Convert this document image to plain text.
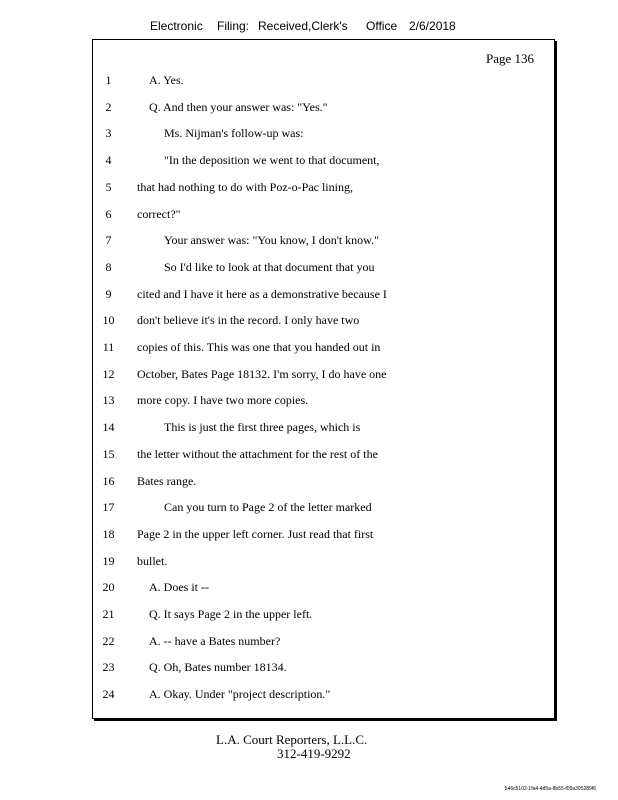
Electronic Filing: Received,Clerk's Office 2/6/2018
Page 136
1	A. Yes.
2	Q. And then your answer was: "Yes."
3	Ms. Nijman's follow-up was:
4	"In the deposition we went to that document,
5	that had nothing to do with Poz-o-Pac lining,
6	correct?"
7	Your answer was: "You know, I don't know."
8	So I'd like to look at that document that you
9	cited and I have it here as a demonstrative because I
10	don't believe it's in the record. I only have two
11	copies of this. This was one that you handed out in
12	October, Bates Page 18132. I'm sorry, I do have one
13	more copy. I have two more copies.
14	This is just the first three pages, which is
15	the letter without the attachment for the rest of the
16	Bates range.
17	Can you turn to Page 2 of the letter marked
18	Page 2 in the upper left corner. Just read that first
19	bullet.
20	A. Does it --
21	Q. It says Page 2 in the upper left.
22	A. -- have a Bates number?
23	Q. Oh, Bates number 18134.
24	A. Okay. Under "project description."
L.A. Court Reporters, L.L.C.
312-419-9292
546c5102-1fa4-4d5a-8b55-f00a395289f6
